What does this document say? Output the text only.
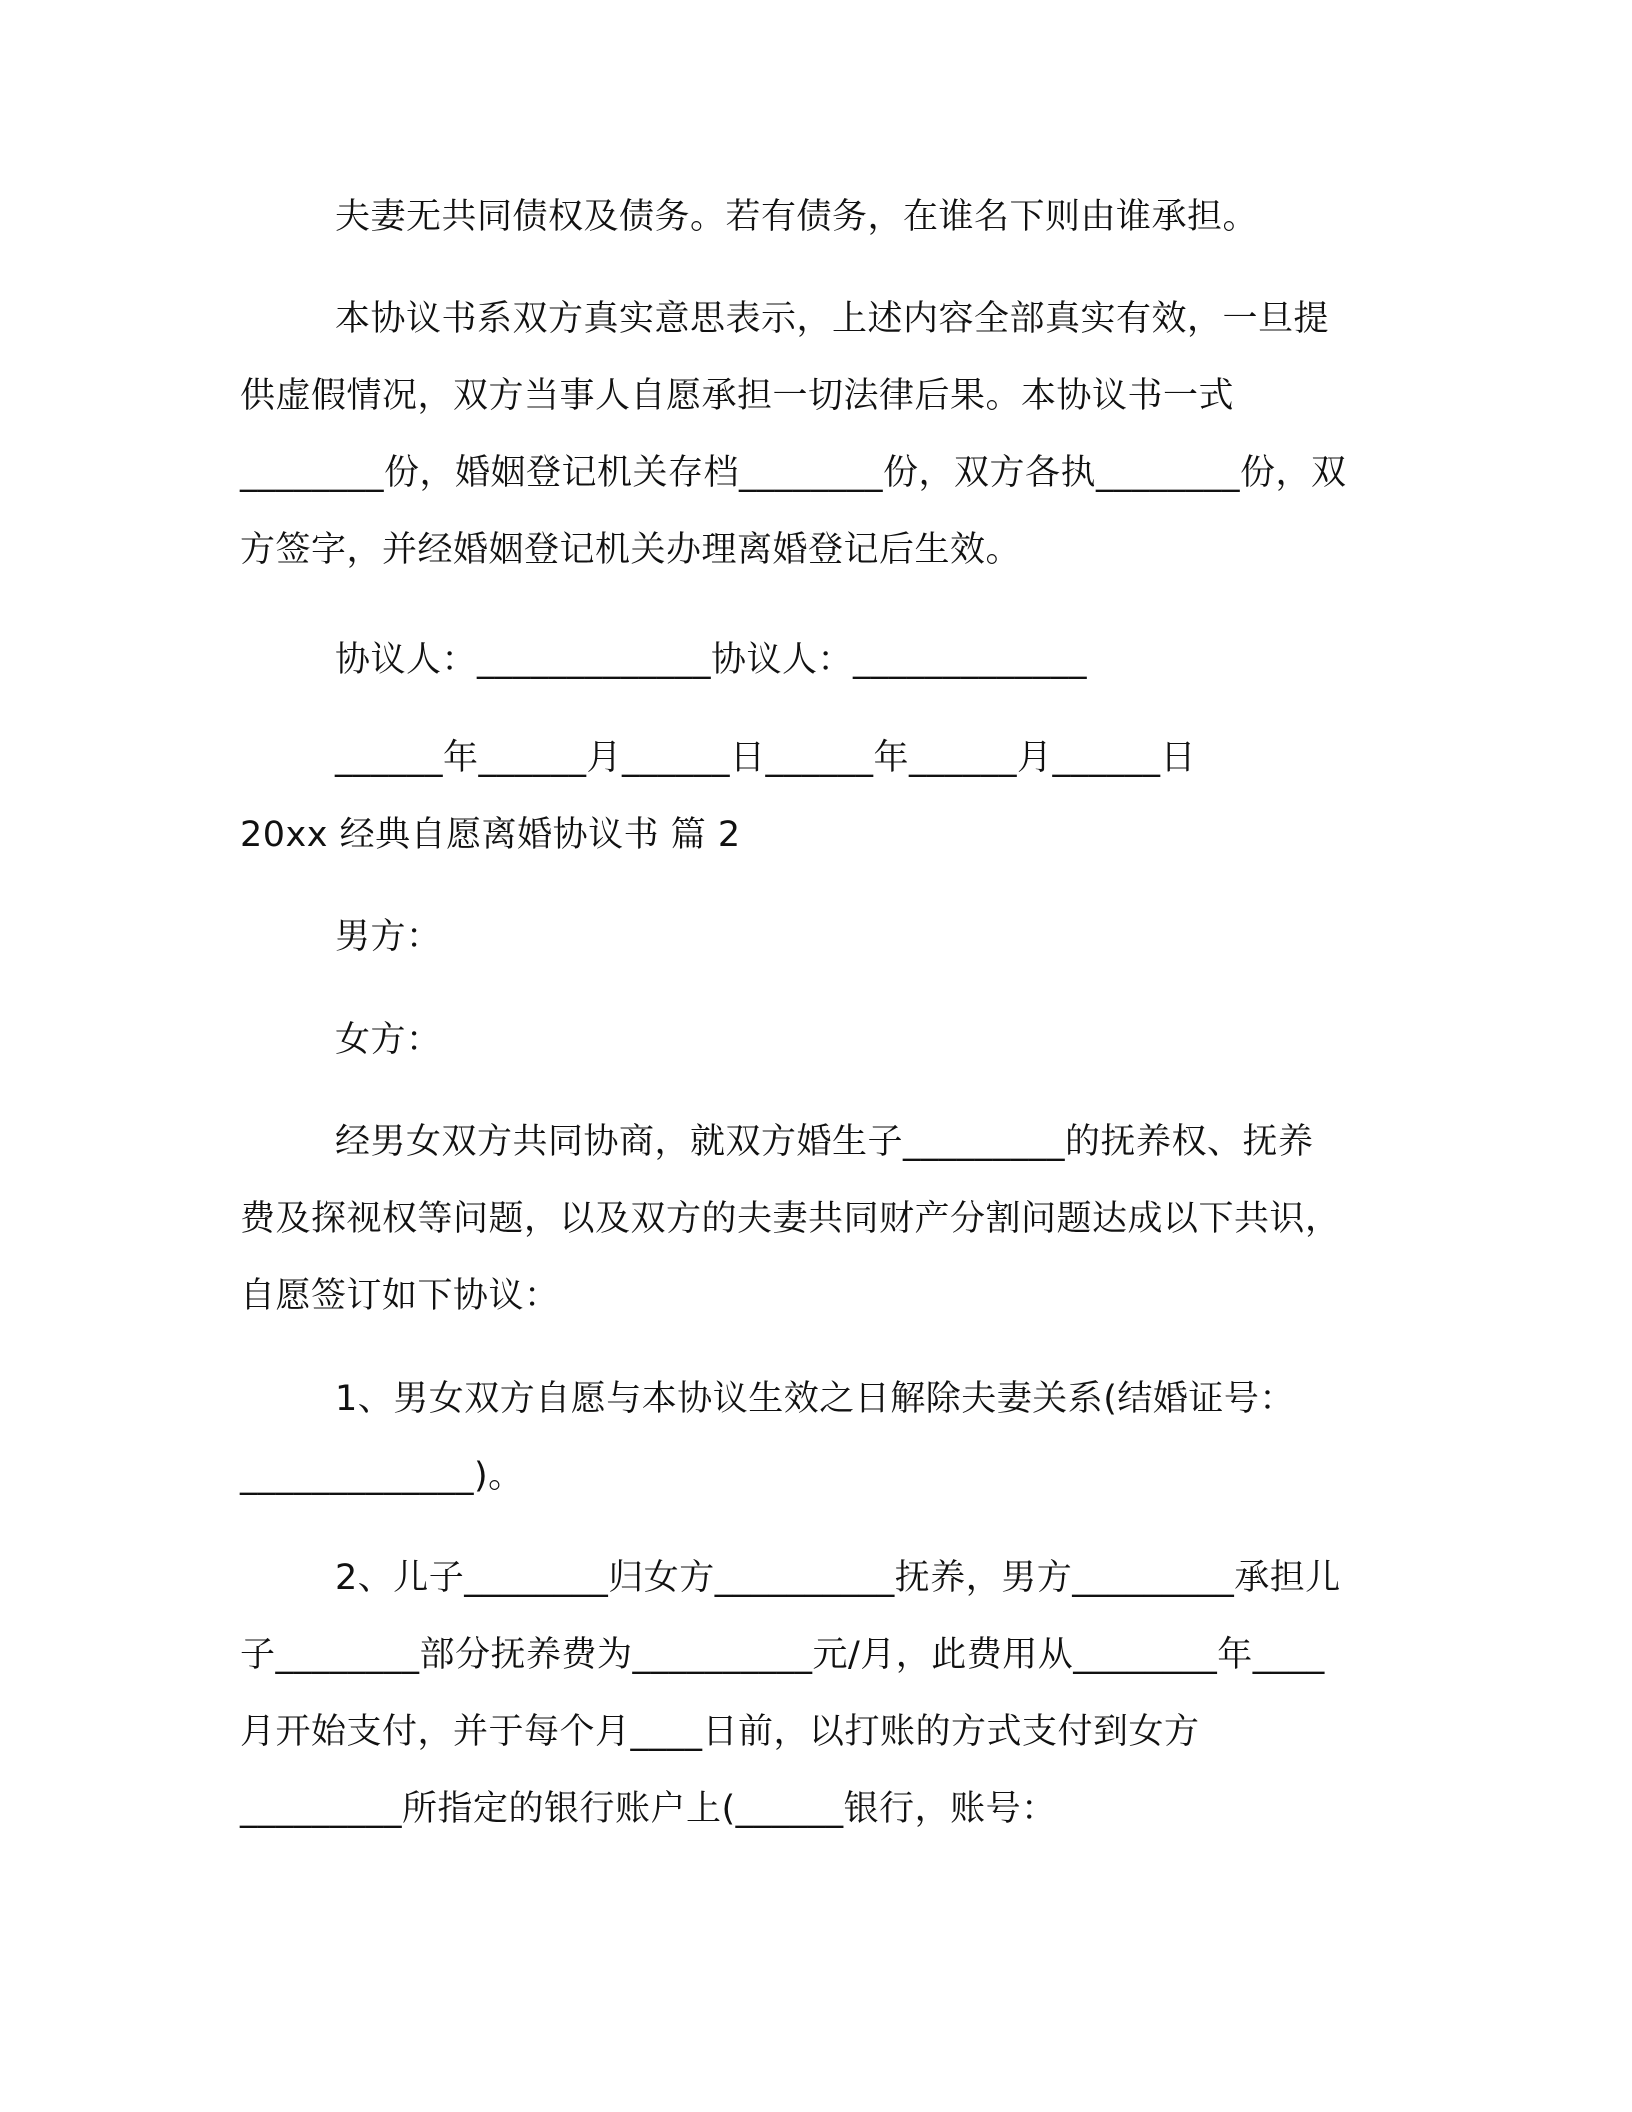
夫妻无共同债权及债务。若有债务，在谁名下则由谁承担。
本协议书系双方真实意思表示，上述内容全部真实有效，一旦提
供虚假情况，双方当事人自愿承担一切法律后果。本协议书一式
________份，婚姻登记机关存档________份，双方各执________份，双
方签字，并经婚姻登记机关办理离婚登记后生效。
协议人：_____________协议人：_____________
______年______月______日______年______月______日
20xx 经典自愿离婚协议书 篇 2
男方：
女方：
经男女双方共同协商，就双方婚生子_________的抚养权、抚养
费及探视权等问题，以及双方的夫妻共同财产分割问题达成以下共识，
自愿签订如下协议：
1、男女双方自愿与本协议生效之日解除夫妻关系(结婚证号：
_____________)。
2、儿子________归女方__________抚养，男方_________承担儿
子________部分抚养费为__________元/月，此费用从________年____
月开始支付，并于每个月____日前，以打账的方式支付到女方
_________所指定的银行账户上(______银行，账号：
